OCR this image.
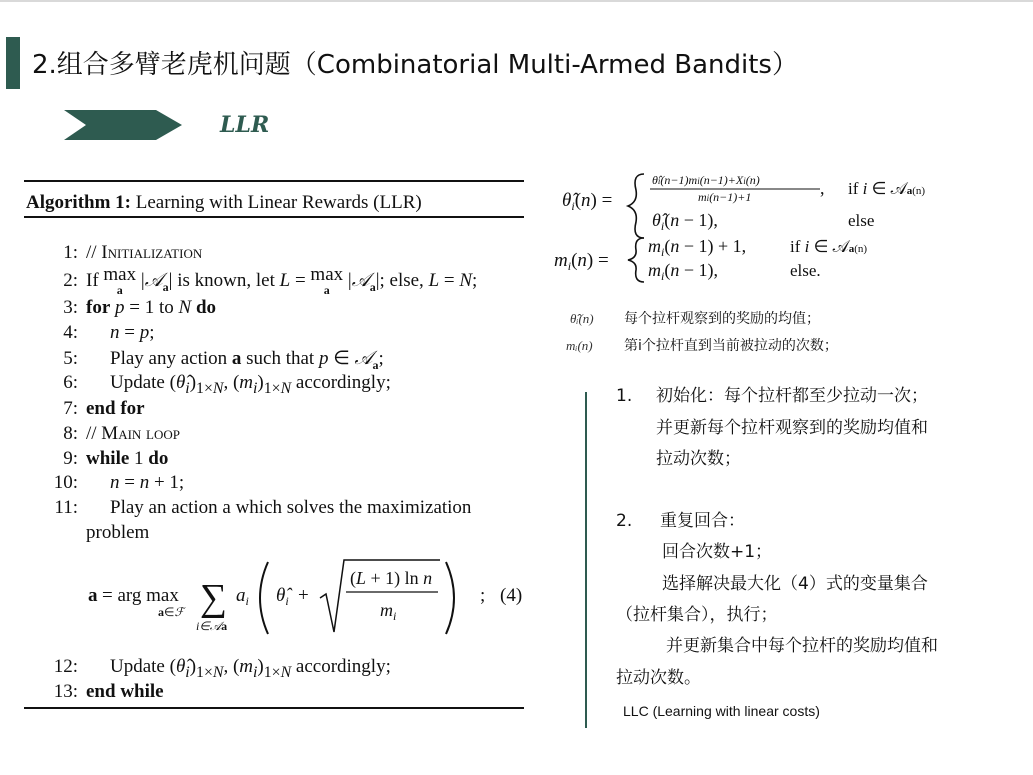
2.组合多臂老虎机问题（Combinatorial Multi-Armed Bandits）
LLR
Algorithm 1: Learning with Linear Rewards (LLR)
1: // Initialization
2: If max
a |𝒜$_a$| is known, let L = max
a |𝒜$_a$|; else, L = N;
3: for p = 1 to N do
4: n = p;
5: Play any action a such that p ∈ 𝒜$_a$;
6: Update $(\thetâ_i)_{1\times N}$, $(m_i)_{1\times N}$ accordingly;
7: end for
8: // Main loop
9: while 1 do
10: n = n + 1;
11: Play an action a which solves the maximization
problem
a = arg max
a∈ℱ ∑
i∈𝒜a
$a_i$ $\thetâ_i$ +
(L + 1) ln n
$m_i$
; (4)
12: Update $(\thetâ_i)_{1\times N}$, $(m_i)_{1\times N}$ accordingly;
13: end while
$\thetâ_i(n)$ =
θ̂i(n−1)mi(n−1)+Xi(n)
mi(n−1)+1	, if i ∈ 𝒜a(n)
$\thetâ_i(n - 1)$,	else
$m_i(n)$ =
$m_i(n - 1) + 1$,	if i ∈ 𝒜a(n)
$m_i(n - 1)$,	else.
θ̂ᵢ(n) 每个拉杆观察到的奖励的均值；
mᵢ(n) 第i个拉杆直到当前被拉动的次数；
1. 初始化：每个拉杆都至少拉动一次；
并更新每个拉杆观察到的奖励均值和
拉动次数；
2. 重复回合：
回合次数+1；
选择解决最大化（4）式的变量集合
（拉杆集合），执行；
并更新集合中每个拉杆的奖励均值和
拉动次数。
LLC (Learning with linear costs)
